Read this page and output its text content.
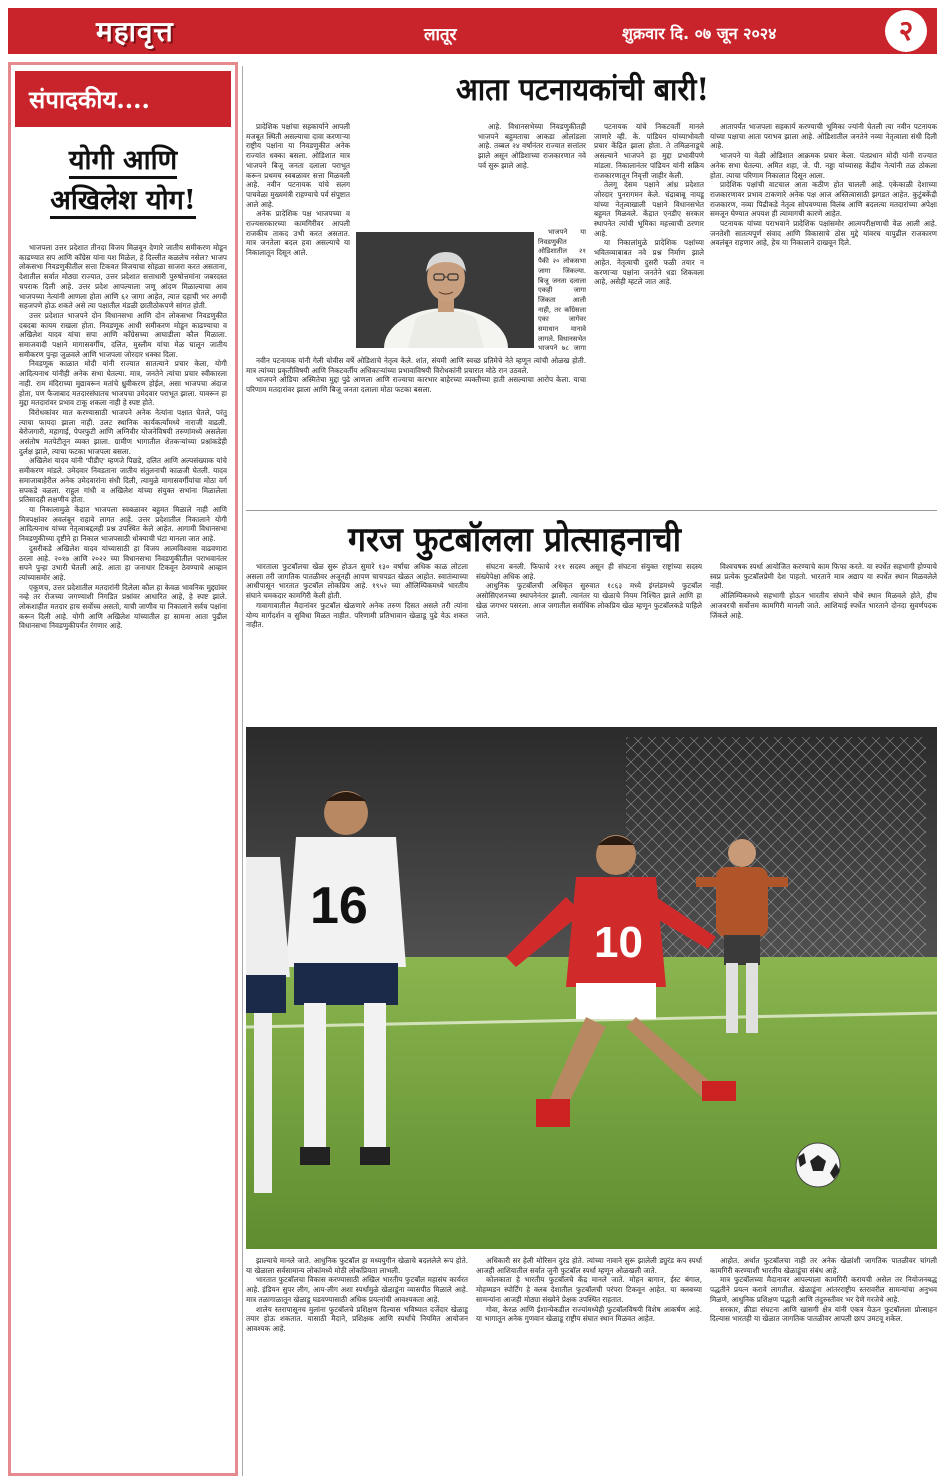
महावृत्त	लातूर	शुक्रवार दि. ०७ जून २०२४	२
संपादकीय....
योगी आणि
अखिलेश योग!

भाजपला उत्तर प्रदेशात तीनदा विजय मिळवून देणारे जातीय समीकरण मोडून काढण्यात सप आणि काँग्रेस यांना यश मिळेल, हे दिल्लीत कळलेच नसेल? भाजप लोकसभा निवडणुकीतील सत्ता टिकवत विजयाचा सोहळा साजरा करत असताना, देशातील सर्वात मोठ्या राज्यात, उत्तर प्रदेशात सत्ताधारी पुरुषोत्तमांना जबरदस्त चपराक दिली आहे. उत्तर प्रदेश आपल्याला जणू आंदण मिळाल्याचा आव भाजपच्या नेत्यांनी आणला होता आणि ६२ जागा आहेत, त्यात दहाची भर अगदी सहजपणे होऊ शकते असे त्या पक्षातील मंडळी छातीठोकपणे सांगत होती.

उत्तर प्रदेशात भाजपने दोन विधानसभा आणि दोन लोकसभा निवडणुकीत दबदबा कायम राखला होता. निवडणूक आधी समीकरण मोडून काढण्याचा व अखिलेश यादव यांचा सपा आणि काँग्रेसच्या आघाडीला कौल मिळाला. समाजवादी पक्षाने मागासवर्गीय, दलित, मुस्लीम यांचा मेळ घालून जातीय समीकरण पुन्हा जुळवले आणि भाजपला जोरदार धक्का दिला.

निवडणूक काळात मोदी यांनी राज्यात सातत्याने प्रचार केला, योगी आदित्यनाथ यांनीही अनेक सभा घेतल्या. मात्र, जनतेने त्यांचा प्रचार स्वीकारला नाही. राम मंदिराच्या मुद्यावरून मतांचे ध्रुवीकरण होईल, असा भाजपचा अंदाज होता, पण फैजाबाद मतदारसंघातच भाजपचा उमेदवार पराभूत झाला. यावरून हा मुद्दा मतदारांवर प्रभाव टाकू शकला नाही हे स्पष्ट होते.

विरोधकांवर मात करण्यासाठी भाजपने अनेक नेत्यांना पक्षात घेतले, परंतु त्याचा फायदा झाला नाही. उलट स्थानिक कार्यकर्त्यांमध्ये नाराजी वाढली. बेरोजगारी, महागाई, पेपरफुटी आणि अग्निवीर योजनेविषयी तरुणांमध्ये असलेला असंतोष मतपेटीतून व्यक्त झाला. ग्रामीण भागातील शेतकऱ्यांच्या प्रश्नांकडेही दुर्लक्ष झाले, त्याचा फटका भाजपला बसला.

अखिलेश यादव यांनी 'पीडीए' म्हणजे पिछडे, दलित आणि अल्पसंख्याक यांचे समीकरण मांडले. उमेदवार निवडताना जातीय संतुलनाची काळजी घेतली. यादव समाजाबाहेरील अनेक उमेदवारांना संधी दिली, त्यामुळे मागासवर्गीयांचा मोठा वर्ग सपकडे वळला. राहुल गांधी व अखिलेश यांच्या संयुक्त सभांना मिळालेला प्रतिसादही लक्षणीय होता.

या निकालामुळे केंद्रात भाजपला स्वबळावर बहुमत मिळाले नाही आणि मित्रपक्षांवर अवलंबून राहावे लागत आहे. उत्तर प्रदेशातील निकालाने योगी आदित्यनाथ यांच्या नेतृत्वाबद्दलही प्रश्न उपस्थित केले आहेत. आगामी विधानसभा निवडणुकीच्या दृष्टीने हा निकाल भाजपसाठी धोक्याची घंटा मानला जात आहे.

दुसरीकडे अखिलेश यादव यांच्यासाठी हा विजय आत्मविश्वास वाढवणारा ठरला आहे. २०१७ आणि २०२२ च्या विधानसभा निवडणुकीतील पराभवानंतर सपने पुन्हा उभारी घेतली आहे. आता हा जनाधार टिकवून ठेवण्याचे आव्हान त्यांच्यासमोर आहे.

एकूणच, उत्तर प्रदेशातील मतदारांनी दिलेला कौल हा केवळ भावनिक मुद्द्यांवर नव्हे तर रोजच्या जगण्याशी निगडित प्रश्नांवर आधारित आहे, हे स्पष्ट झाले. लोकशाहीत मतदार हाच सर्वोच्च असतो, याची जाणीव या निकालाने सर्वच पक्षांना करून दिली आहे. योगी आणि अखिलेश यांच्यातील हा सामना आता पुढील विधानसभा निवडणुकीपर्यंत रंगणार आहे.

आता पटनायकांची बारी!

प्रादेशिक पक्षांचा सहकार्याने आपली मजबूत स्थिती असल्याचा दावा करणाऱ्या राष्ट्रीय पक्षांना या निवडणुकीत अनेक राज्यांत धक्का बसला. ओडिशात मात्र भाजपने बिजू जनता दलाला पराभूत करून प्रथमच स्वबळावर सत्ता मिळवली आहे. नवीन पटनायक यांचे सलग पाचवेळा मुख्यमंत्री राहण्याचे पर्व संपुष्टात आले आहे.

अनेक प्रादेशिक पक्ष भाजपच्या व राज्यसरकारच्या कामगिरीवर आपली राजकीय ताकद उभी करत असतात. मात्र जनतेला बदल हवा असल्याचे या निकालातून दिसून आले.

नवीन पटनायक यांनी गेली चोवीस वर्षे ओडिशाचे नेतृत्व केले. शांत, संयमी आणि स्वच्छ प्रतिमेचे नेते म्हणून त्यांची ओळख होती. मात्र त्यांच्या प्रकृतीविषयी आणि निकटवर्तीय अधिकाऱ्यांच्या प्रभावाविषयी विरोधकांनी प्रचारात मोठे रान उठवले.

भाजपने ओडिया अस्मितेचा मुद्दा पुढे आणला आणि राज्याचा कारभार बाहेरच्या व्यक्तीच्या हाती असल्याचा आरोप केला. याचा परिणाम मतदारांवर झाला आणि बिजू जनता दलाला मोठा फटका बसला.

आहे. विधानसभेच्या निवडणुकीतही भाजपने बहुमताचा आकडा ओलांडला आहे. तब्बल २४ वर्षांनंतर राज्यात सत्तांतर झाले असून ओडिशाच्या राजकारणात नवे पर्व सुरू झाले आहे.

भाजपने या निवडणुकीत ओडिशातील २१ पैकी २० लोकसभा जागा जिंकल्या. बिजू जनता दलाला एकही जागा जिंकता आली नाही, तर काँग्रेसला एका जागेवर समाधान मानावे लागले. विधानसभेत भाजपने ७८ जागा

पटनायक यांचे निकटवर्ती मानले जाणारे व्ही. के. पांडियन यांच्याभोवती प्रचार केंद्रित झाला होता. ते तमिळनाडूचे असल्याने भाजपने हा मुद्दा प्रभावीपणे मांडला. निकालानंतर पांडियन यांनी सक्रिय राजकारणातून निवृत्ती जाहीर केली.

तेलगू देसम पक्षाने आंध्र प्रदेशात जोरदार पुनरागमन केले. चंद्राबाबू नायडू यांच्या नेतृत्वाखाली पक्षाने विधानसभेत बहुमत मिळवले. केंद्रात एनडीए सरकार स्थापनेत त्यांची भूमिका महत्त्वाची ठरणार आहे.

या निकालांमुळे प्रादेशिक पक्षांच्या भवितव्याबाबत नवे प्रश्न निर्माण झाले आहेत. नेतृत्वाची दुसरी फळी तयार न करणाऱ्या पक्षांना जनतेने धडा शिकवला आहे, असेही म्हटले जात आहे.

आतापर्यंत भाजपला सहकार्य करण्याची भूमिका ज्यांनी घेतली त्या नवीन पटनायक यांच्या पक्षाचा आता पराभव झाला आहे. ओडिशातील जनतेने नव्या नेतृत्वाला संधी दिली आहे.

भाजपने या वेळी ओडिशात आक्रमक प्रचार केला. पंतप्रधान मोदी यांनी राज्यात अनेक सभा घेतल्या. अमित शहा, जे. पी. नड्डा यांच्यासह केंद्रीय नेत्यांनी तळ ठोकला होता. त्याचा परिणाम निकालात दिसून आला.

प्रादेशिक पक्षांची वाटचाल आता कठीण होत चालली आहे. एकेकाळी देशाच्या राजकारणावर प्रभाव टाकणारे अनेक पक्ष आज अस्तित्वासाठी झगडत आहेत. कुटुंबकेंद्री राजकारण, नव्या पिढीकडे नेतृत्व सोपवण्यास विलंब आणि बदलत्या मतदारांच्या अपेक्षा समजून घेण्यात अपयश ही त्यामागची कारणे आहेत.

पटनायक यांच्या पराभवाने प्रादेशिक पक्षांसमोर आत्मपरीक्षणाची वेळ आली आहे. जनतेशी सातत्यपूर्ण संवाद आणि विकासाचे ठोस मुद्दे यांवरच यापुढील राजकारण अवलंबून राहणार आहे, हेच या निकालाने दाखवून दिले.

गरज फुटबॉलला प्रोत्साहनाची

भारताला फुटबॉलचा खेळ सुरू होऊन सुमारे १३० वर्षांचा अधिक काळ लोटला असला तरी जागतिक पातळीवर अजूनही आपण चाचपडत खेळत आहोत. स्वातंत्र्याच्या आधीपासून भारतात फुटबॉल लोकप्रिय आहे. १९५२ च्या ऑलिम्पिकमध्ये भारतीय संघाने चमकदार कामगिरी केली होती.

गावागावातील मैदानांवर फुटबॉल खेळणारे अनेक तरुण दिसत असले तरी त्यांना योग्य मार्गदर्शन व सुविधा मिळत नाहीत. परिणामी प्रतिभावान खेळाडू पुढे येऊ शकत नाहीत.

संघटना बनली. फिफाचे २११ सदस्य असून ही संघटना संयुक्त राष्ट्रांच्या सदस्य संख्येपेक्षा अधिक आहे.

आधुनिक फुटबॉलची अधिकृत सुरुवात १८६३ मध्ये इंग्लंडमध्ये फुटबॉल असोसिएशनच्या स्थापनेनंतर झाली. त्यानंतर या खेळाचे नियम निश्चित झाले आणि हा खेळ जगभर पसरला. आज जगातील सर्वाधिक लोकप्रिय खेळ म्हणून फुटबॉलकडे पाहिले जाते.

विश्वचषक स्पर्धा आयोजित करण्याचे काम फिफा करते. या स्पर्धेत सहभागी होण्याचे स्वप्न प्रत्येक फुटबॉलप्रेमी देश पाहतो. भारताने मात्र अद्याप या स्पर्धेत स्थान मिळवलेले नाही.

ऑलिम्पिकमध्ये सहभागी होऊन भारतीय संघाने चौथे स्थान मिळवले होते, हीच आजवरची सर्वोत्तम कामगिरी मानली जाते. आशियाई स्पर्धेत भारताने दोनदा सुवर्णपदक जिंकले आहे.

10
16

झाल्याचे मानले जाते. आधुनिक फुटबॉल हा मध्ययुगीन खेळाचे बदललेले रूप होते. या खेळाला सर्वसामान्य लोकांमध्ये मोठी लोकप्रियता लाभली.

भारतात फुटबॉलचा विकास करण्यासाठी अखिल भारतीय फुटबॉल महासंघ कार्यरत आहे. इंडियन सुपर लीग, आय-लीग अशा स्पर्धांमुळे खेळाडूंना व्यासपीठ मिळाले आहे. मात्र तळागाळातून खेळाडू घडवण्यासाठी अधिक प्रयत्नांची आवश्यकता आहे.

शालेय स्तरापासूनच मुलांना फुटबॉलचे प्रशिक्षण दिल्यास भविष्यात दर्जेदार खेळाडू तयार होऊ शकतात. यासाठी मैदाने, प्रशिक्षक आणि स्पर्धांचे नियमित आयोजन आवश्यक आहे.

अधिकारी सर हेली मोरिसन दुरंड होते. त्यांच्या नावाने सुरू झालेली ड्युरंड कप स्पर्धा आजही आशियातील सर्वात जुनी फुटबॉल स्पर्धा म्हणून ओळखली जाते.

कोलकाता हे भारतीय फुटबॉलचे केंद्र मानले जाते. मोहन बागान, ईस्ट बंगाल, मोहम्मडन स्पोर्टिंग हे क्लब देशातील फुटबॉलची परंपरा टिकवून आहेत. या क्लबच्या सामन्यांना आजही मोठ्या संख्येने प्रेक्षक उपस्थित राहतात.

गोवा, केरळ आणि ईशान्येकडील राज्यांमध्येही फुटबॉलविषयी विशेष आकर्षण आहे. या भागातून अनेक गुणवान खेळाडू राष्ट्रीय संघात स्थान मिळवत आहेत.

आहोत. अर्थात फुटबॉलचा नाही तर अनेक खेळांशी जागतिक पातळीवर चांगली कामगिरी करण्याशी भारतीय खेळाडूंचा संबंध आहे.

मात्र फुटबॉलच्या मैदानावर आपल्याला कामगिरी करायची असेल तर नियोजनबद्ध पद्धतीने प्रयत्न करावे लागतील. खेळाडूंना आंतरराष्ट्रीय स्तरावरील सामन्यांचा अनुभव मिळणे, आधुनिक प्रशिक्षण पद्धती आणि तंदुरुस्तीवर भर देणे गरजेचे आहे.

सरकार, क्रीडा संघटना आणि खासगी क्षेत्र यांनी एकत्र येऊन फुटबॉलला प्रोत्साहन दिल्यास भारतही या खेळात जागतिक पातळीवर आपली छाप उमटवू शकेल.
